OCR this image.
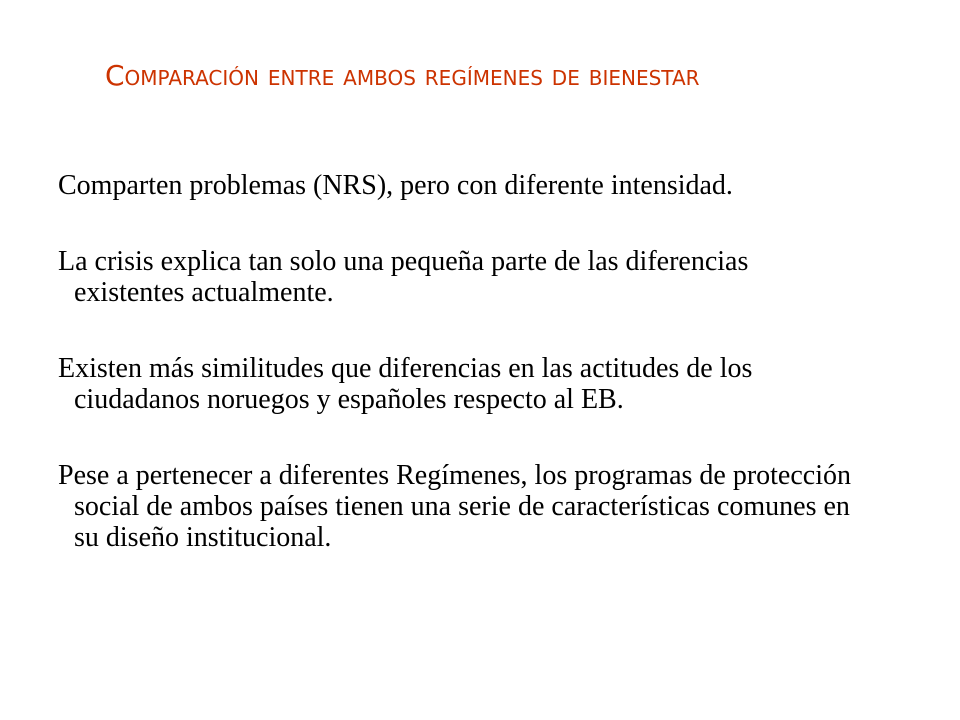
Comparación entre ambos regímenes de bienestar
Comparten problemas (NRS), pero con diferente intensidad.
La crisis explica tan solo una pequeña parte de las diferencias existentes actualmente.
Existen más similitudes que diferencias en las actitudes de los ciudadanos noruegos y españoles respecto al EB.
Pese a pertenecer a diferentes Regímenes, los programas de protección social de ambos países tienen una serie de características comunes en su diseño institucional.
